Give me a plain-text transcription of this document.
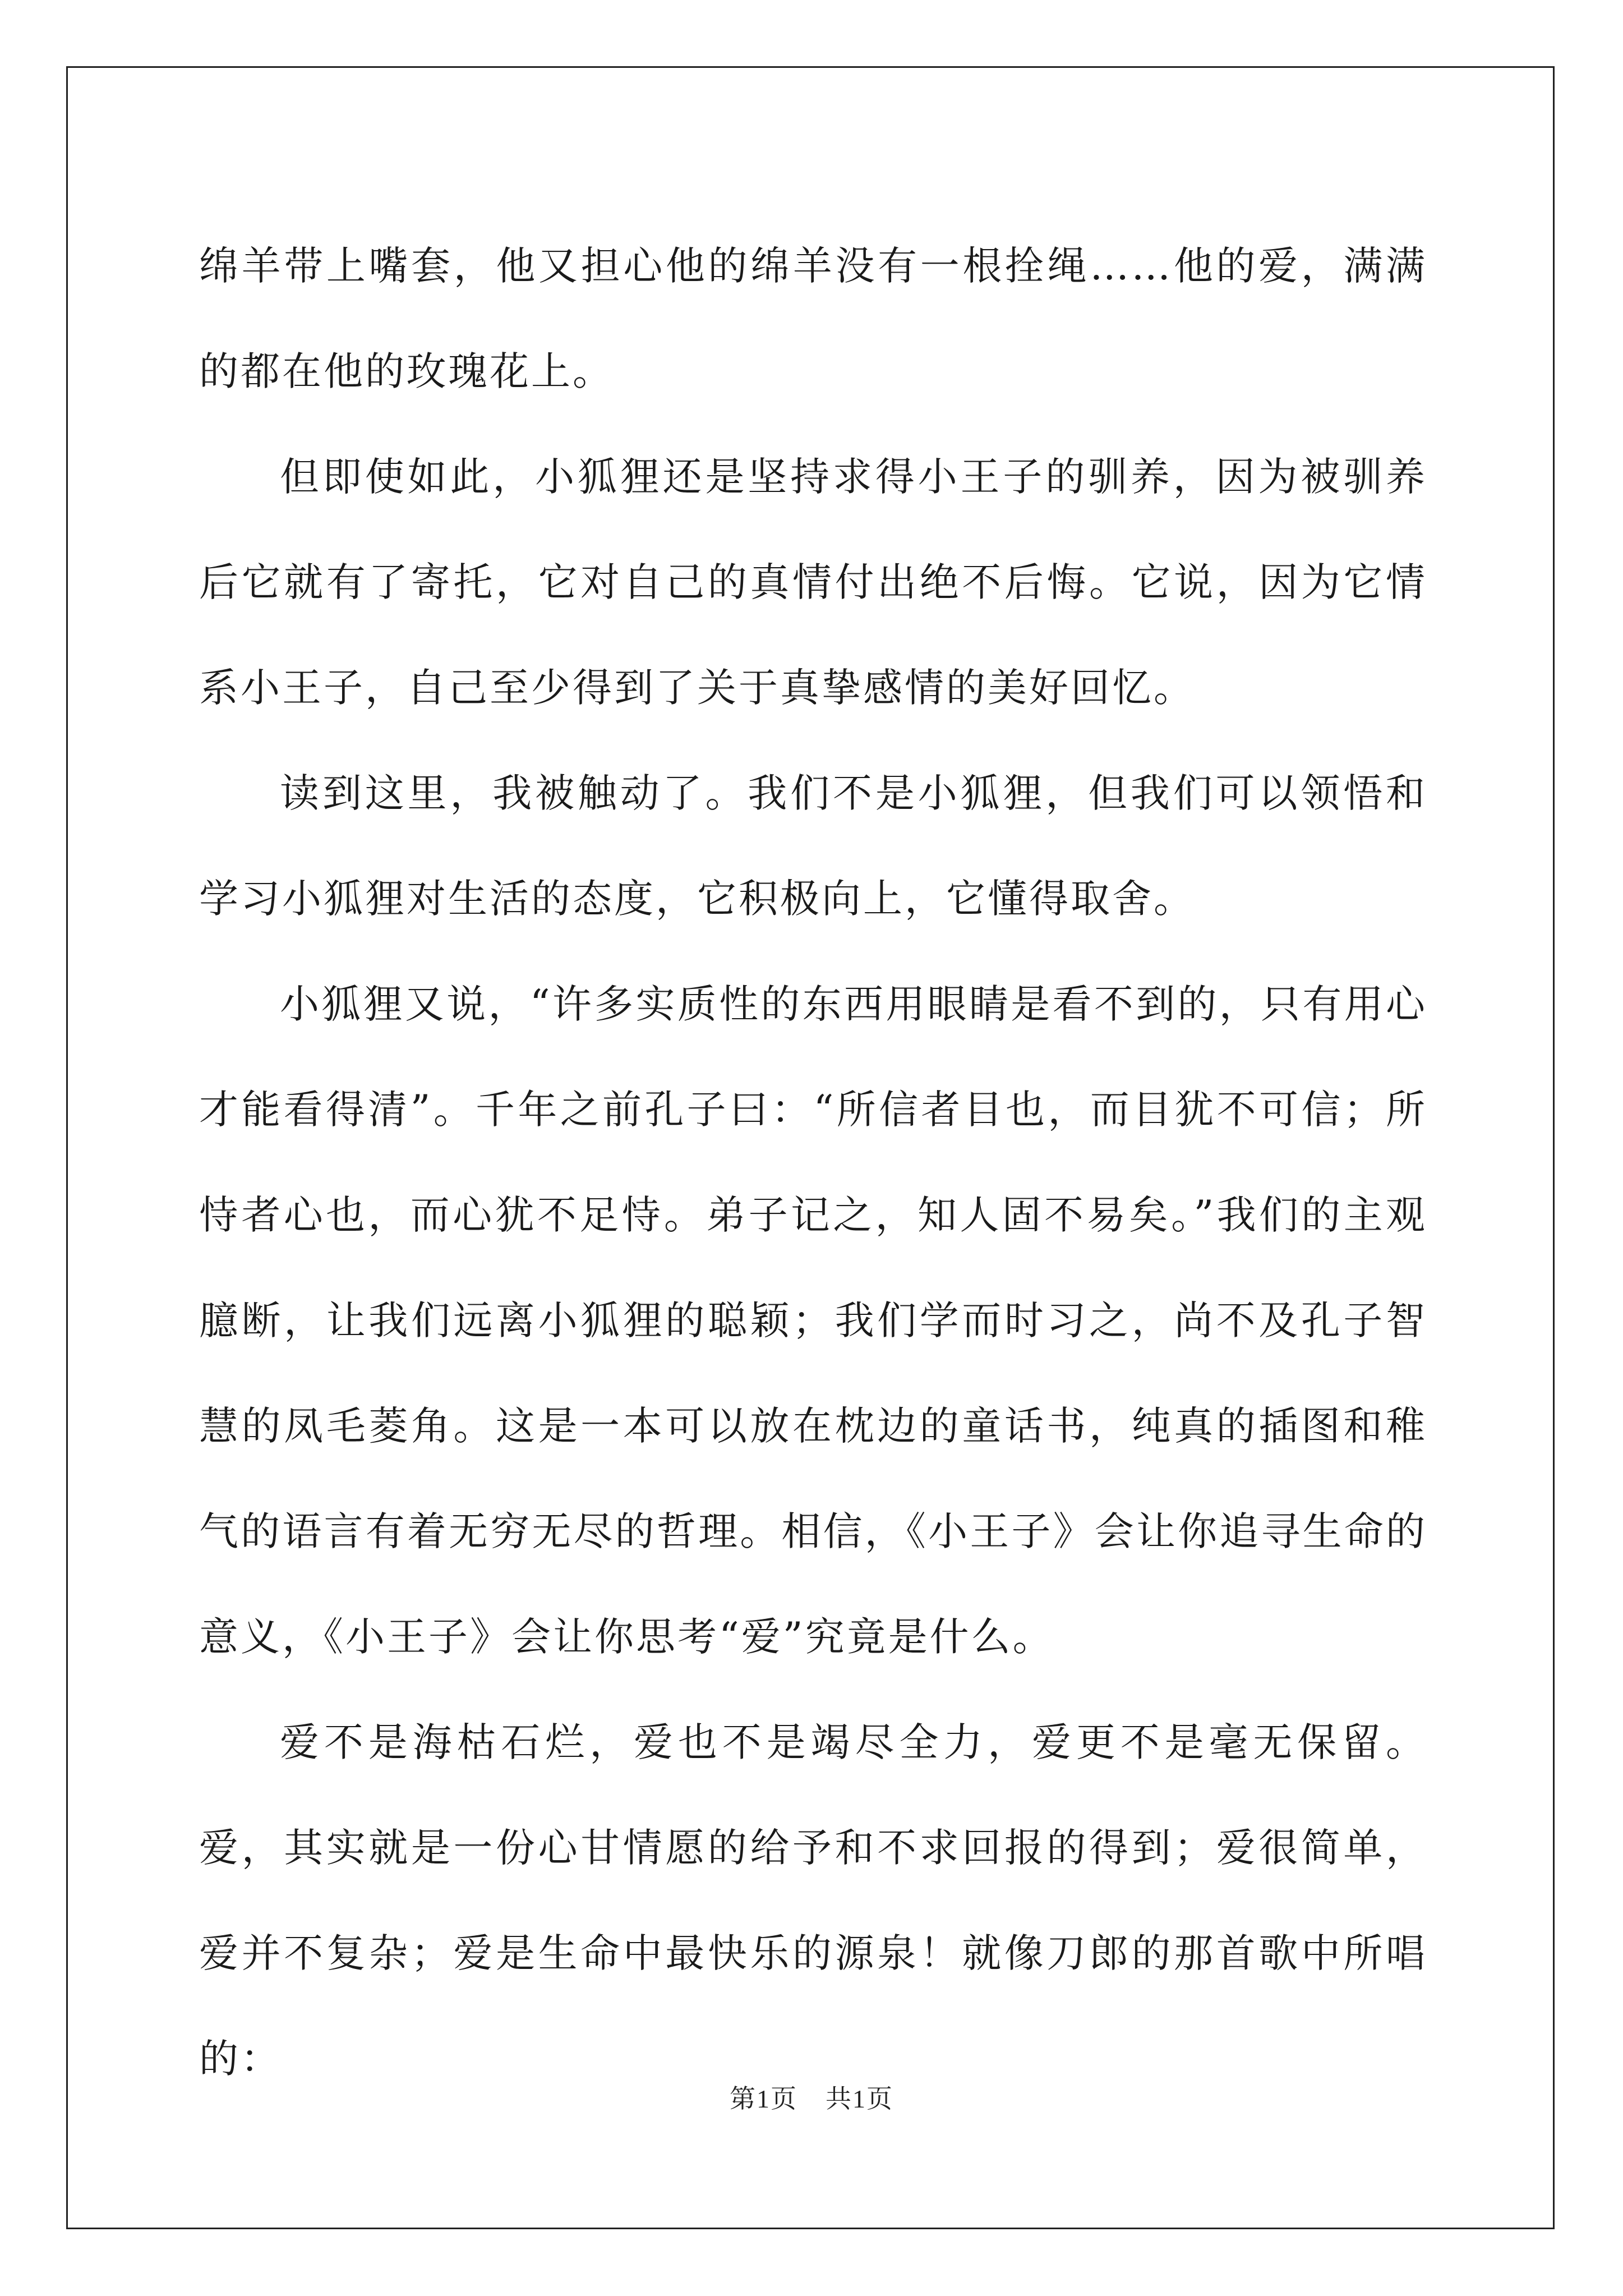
绵羊带上嘴套，他又担心他的绵羊没有一根拴绳……他的爱，满满的都在他的玫瑰花上。

但即使如此，小狐狸还是坚持求得小王子的驯养，因为被驯养后它就有了寄托，它对自己的真情付出绝不后悔。它说，因为它情系小王子，自己至少得到了关于真挚感情的美好回忆。

读到这里，我被触动了。我们不是小狐狸，但我们可以领悟和学习小狐狸对生活的态度，它积极向上，它懂得取舍。

小狐狸又说，“许多实质性的东西用眼睛是看不到的，只有用心才能看得清”。千年之前孔子曰：“所信者目也，而目犹不可信；所恃者心也，而心犹不足恃。弟子记之，知人固不易矣。”我们的主观臆断，让我们远离小狐狸的聪颖；我们学而时习之，尚不及孔子智慧的凤毛菱角。这是一本可以放在枕边的童话书，纯真的插图和稚气的语言有着无穷无尽的哲理。相信，《小王子》会让你追寻生命的意义，《小王子》会让你思考“爱”究竟是什么。

爱不是海枯石烂，爱也不是竭尽全力，爱更不是毫无保留。爱，其实就是一份心甘情愿的给予和不求回报的得到；爱很简单，爱并不复杂；爱是生命中最快乐的源泉！就像刀郎的那首歌中所唱的：

第1页 共1页
